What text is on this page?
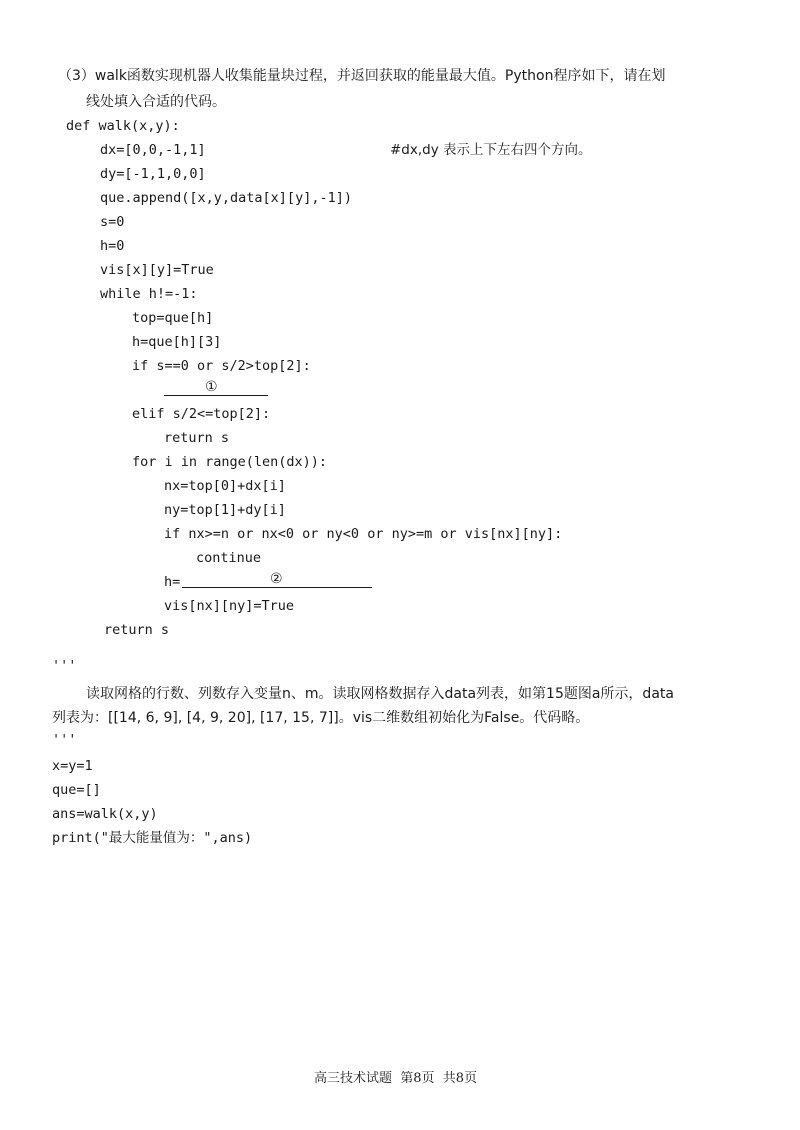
（3）walk函数实现机器人收集能量块过程，并返回获取的能量最大值。Python程序如下，请在划
线处填入合适的代码。
def walk(x,y):
dx=[0,0,-1,1]	#dx,dy 表示上下左右四个方向。
dy=[-1,1,0,0]
que.append([x,y,data[x][y],-1])
s=0
h=0
vis[x][y]=True
while h!=-1:
top=que[h]
h=que[h][3]
if s==0 or s/2>top[2]:
①
elif s/2<=top[2]:
return s
for i in range(len(dx)):
nx=top[0]+dx[i]
ny=top[1]+dy[i]
if nx>=n or nx<0 or ny<0 or ny>=m or vis[nx][ny]:
continue
h=	②
vis[nx][ny]=True
return s
'''
读取网格的行数、列数存入变量n、m。读取网格数据存入data列表，如第15题图a所示，data
列表为：[[14, 6, 9], [4, 9, 20], [17, 15, 7]]。vis二维数组初始化为False。代码略。
'''
x=y=1
que=[]
ans=walk(x,y)
print("最大能量值为：",ans)
高三技术试题  第8页  共8页
